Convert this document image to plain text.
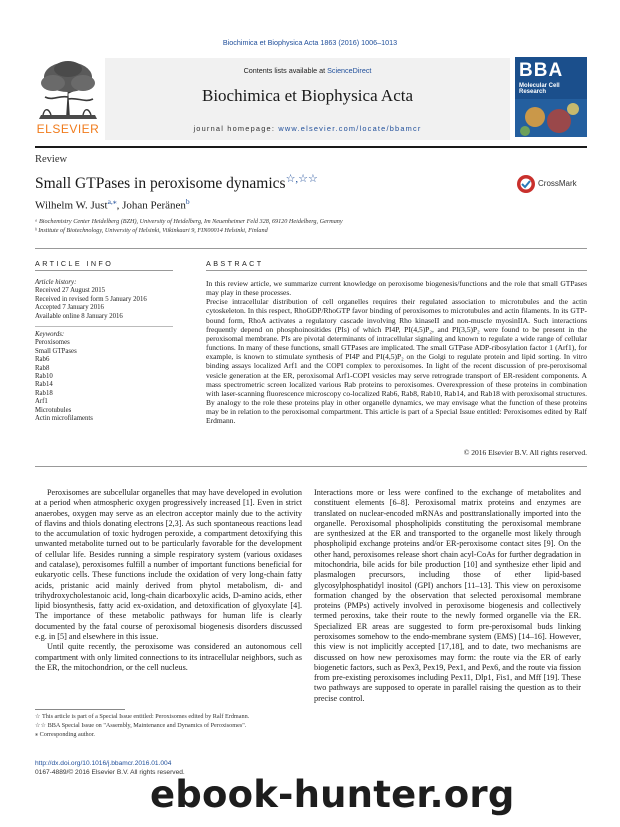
Biochimica et Biophysica Acta 1863 (2016) 1006–1013
Contents lists available at ScienceDirect
Biochimica et Biophysica Acta
journal homepage: www.elsevier.com/locate/bbamcr
ELSEVIER
BBA
Molecular Cell Research
Review
Small GTPases in peroxisome dynamics☆,☆☆	CrossMark
Wilhelm W. Just$^{a,⁎}$, Johan Peränen$^b$
ᵃ Biochemistry Center Heidelberg (BZH), University of Heidelberg, Im Neuenheimer Feld 328, 69120 Heidelberg, Germany
ᵇ Institute of Biotechnology, University of Helsinki, Viikinkaari 9, FIN00014 Helsinki, Finland
ARTICLE INFO
Article history:
Received 27 August 2015
Received in revised form 5 January 2016
Accepted 7 January 2016
Available online 8 January 2016
Keywords:
Peroxisomes
Small GTPases
Rab6
Rab8
Rab10
Rab14
Rab18
Arf1
Microtubules
Actin microfilaments
ABSTRACT
In this review article, we summarize current knowledge on peroxisome biogenesis/functions and the role that small GTPases may play in these processes.
Precise intracellular distribution of cell organelles requires their regulated association to microtubules and the actin cytoskeleton. In this respect, RhoGDP/RhoGTP favor binding of peroxisomes to microtubules and actin filaments. In its GTP-bound form, RhoA activates a regulatory cascade involving Rho kinaseII and non-muscle myosinIIA. Such interactions frequently depend on phosphoinositides (PIs) of which PI4P, PI(4,5)P₂, and PI(3,5)P₂ were found to be present in the peroxisomal membrane. PIs are pivotal determinants of intracellular signaling and known to regulate a wide range of cellular functions. In many of these functions, small GTPases are implicated. The small GTPase ADP-ribosylation factor 1 (Arf1), for example, is known to stimulate synthesis of PI4P and PI(4,5)P₂ on the Golgi to regulate protein and lipid sorting. In vitro binding assays localized Arf1 and the COPI complex to peroxisomes. In light of the recent discussion of pre-peroxisomal vesicle generation at the ER, peroxisomal Arf1-COPI vesicles may serve retrograde transport of ER-resident components. A mass spectrometric screen localized various Rab proteins to peroxisomes. Overexpression of these proteins in combination with laser-scanning fluorescence microscopy co-localized Rab6, Rab8, Rab10, Rab14, and Rab18 with peroxisomal structures. By analogy to the role these proteins play in other organelle dynamics, we may envisage what the function of these proteins may be in relation to the peroxisomal compartment. This article is part of a Special Issue entitled: Peroxisomes edited by Ralf Erdmann.
© 2016 Elsevier B.V. All rights reserved.

Peroxisomes are subcellular organelles that may have developed in evolution at a period when atmospheric oxygen progressively increased [1]. Even in strict anaerobes, oxygen may serve as an electron acceptor mainly due to the activity of flavins and thiols donating electrons [2,3]. As such spontaneous reactions lead to the accumulation of toxic hydrogen peroxide, a compartment detoxifying this unwanted metabolite turned out to be particularly favorable for the development of cellular life. Besides running a simple respiratory system (various oxidases and catalase), peroxisomes fulfill a number of important functions beneficial for eukaryotic cells. These functions include the oxidation of very long-chain fatty acids, pristanic acid mainly derived from phytol metabolism, di- and trihydroxycholestanoic acid, long-chain dicarboxylic acids, D-amino acids, ether lipid biosynthesis, fatty acid ex-oxidation, and detoxification of glyoxylate [4]. The importance of these metabolic pathways for human life is clearly documented by the fatal course of peroxisomal biogenesis disorders discussed e.g. in [5] and elsewhere in this issue.

Until quite recently, the peroxisome was considered an autonomous cell compartment with only limited connections to its intracellular neighbors, such as the ER, the mitochondrion, or the cell nucleus.

Interactions more or less were confined to the exchange of metabolites and constituent elements [6–8]. Peroxisomal matrix proteins and enzymes are translated on nuclear-encoded mRNAs and posttranslationally imported into the organelle. Peroxisomal phospholipids constituting the peroxisomal membrane are synthesized at the ER and transported to the organelle most likely through phospholipid exchange proteins and/or ER-peroxisome contact sites [9]. On the other hand, peroxisomes release short chain acyl-CoAs for further degradation in mitochondria, bile acids for bile production [10] and synthesize ether lipid and plasmalogen precursors, including those of ether lipid-based glycosylphosphatidyl inositol (GPI) anchors [11–13]. This view on peroxisome formation changed by the observation that selected peroxisomal membrane proteins (PMPs) actively involved in peroxisome biogenesis and collectively termed peroxins, take their route to the newly formed organelle via the ER. Specialized ER areas are suggested to form pre-peroxisomal buds linking peroxisomes somehow to the endo-membrane system (EMS) [14–16]. However, this view is not implicitly accepted [17,18], and to date, two mechanisms are discussed on how new peroxisomes may form: the route via the ER of early biogenetic factors, such as Pex3, Pex19, Pex1, and Pex6, and the route via fission from pre-existing peroxisomes including Pex11, Dlp1, Fis1, and Mff [19]. These two pathways are supposed to operate in parallel raising the question as to their precise control.

☆ This article is part of a Special Issue entitled: Peroxisomes edited by Ralf Erdmann.
☆☆ BBA Special Issue on "Assembly, Maintenance and Dynamics of Peroxisomes".
⁎ Corresponding author.
http://dx.doi.org/10.1016/j.bbamcr.2016.01.004
0167-4889/© 2016 Elsevier B.V. All rights reserved.
ebook-hunter.org
